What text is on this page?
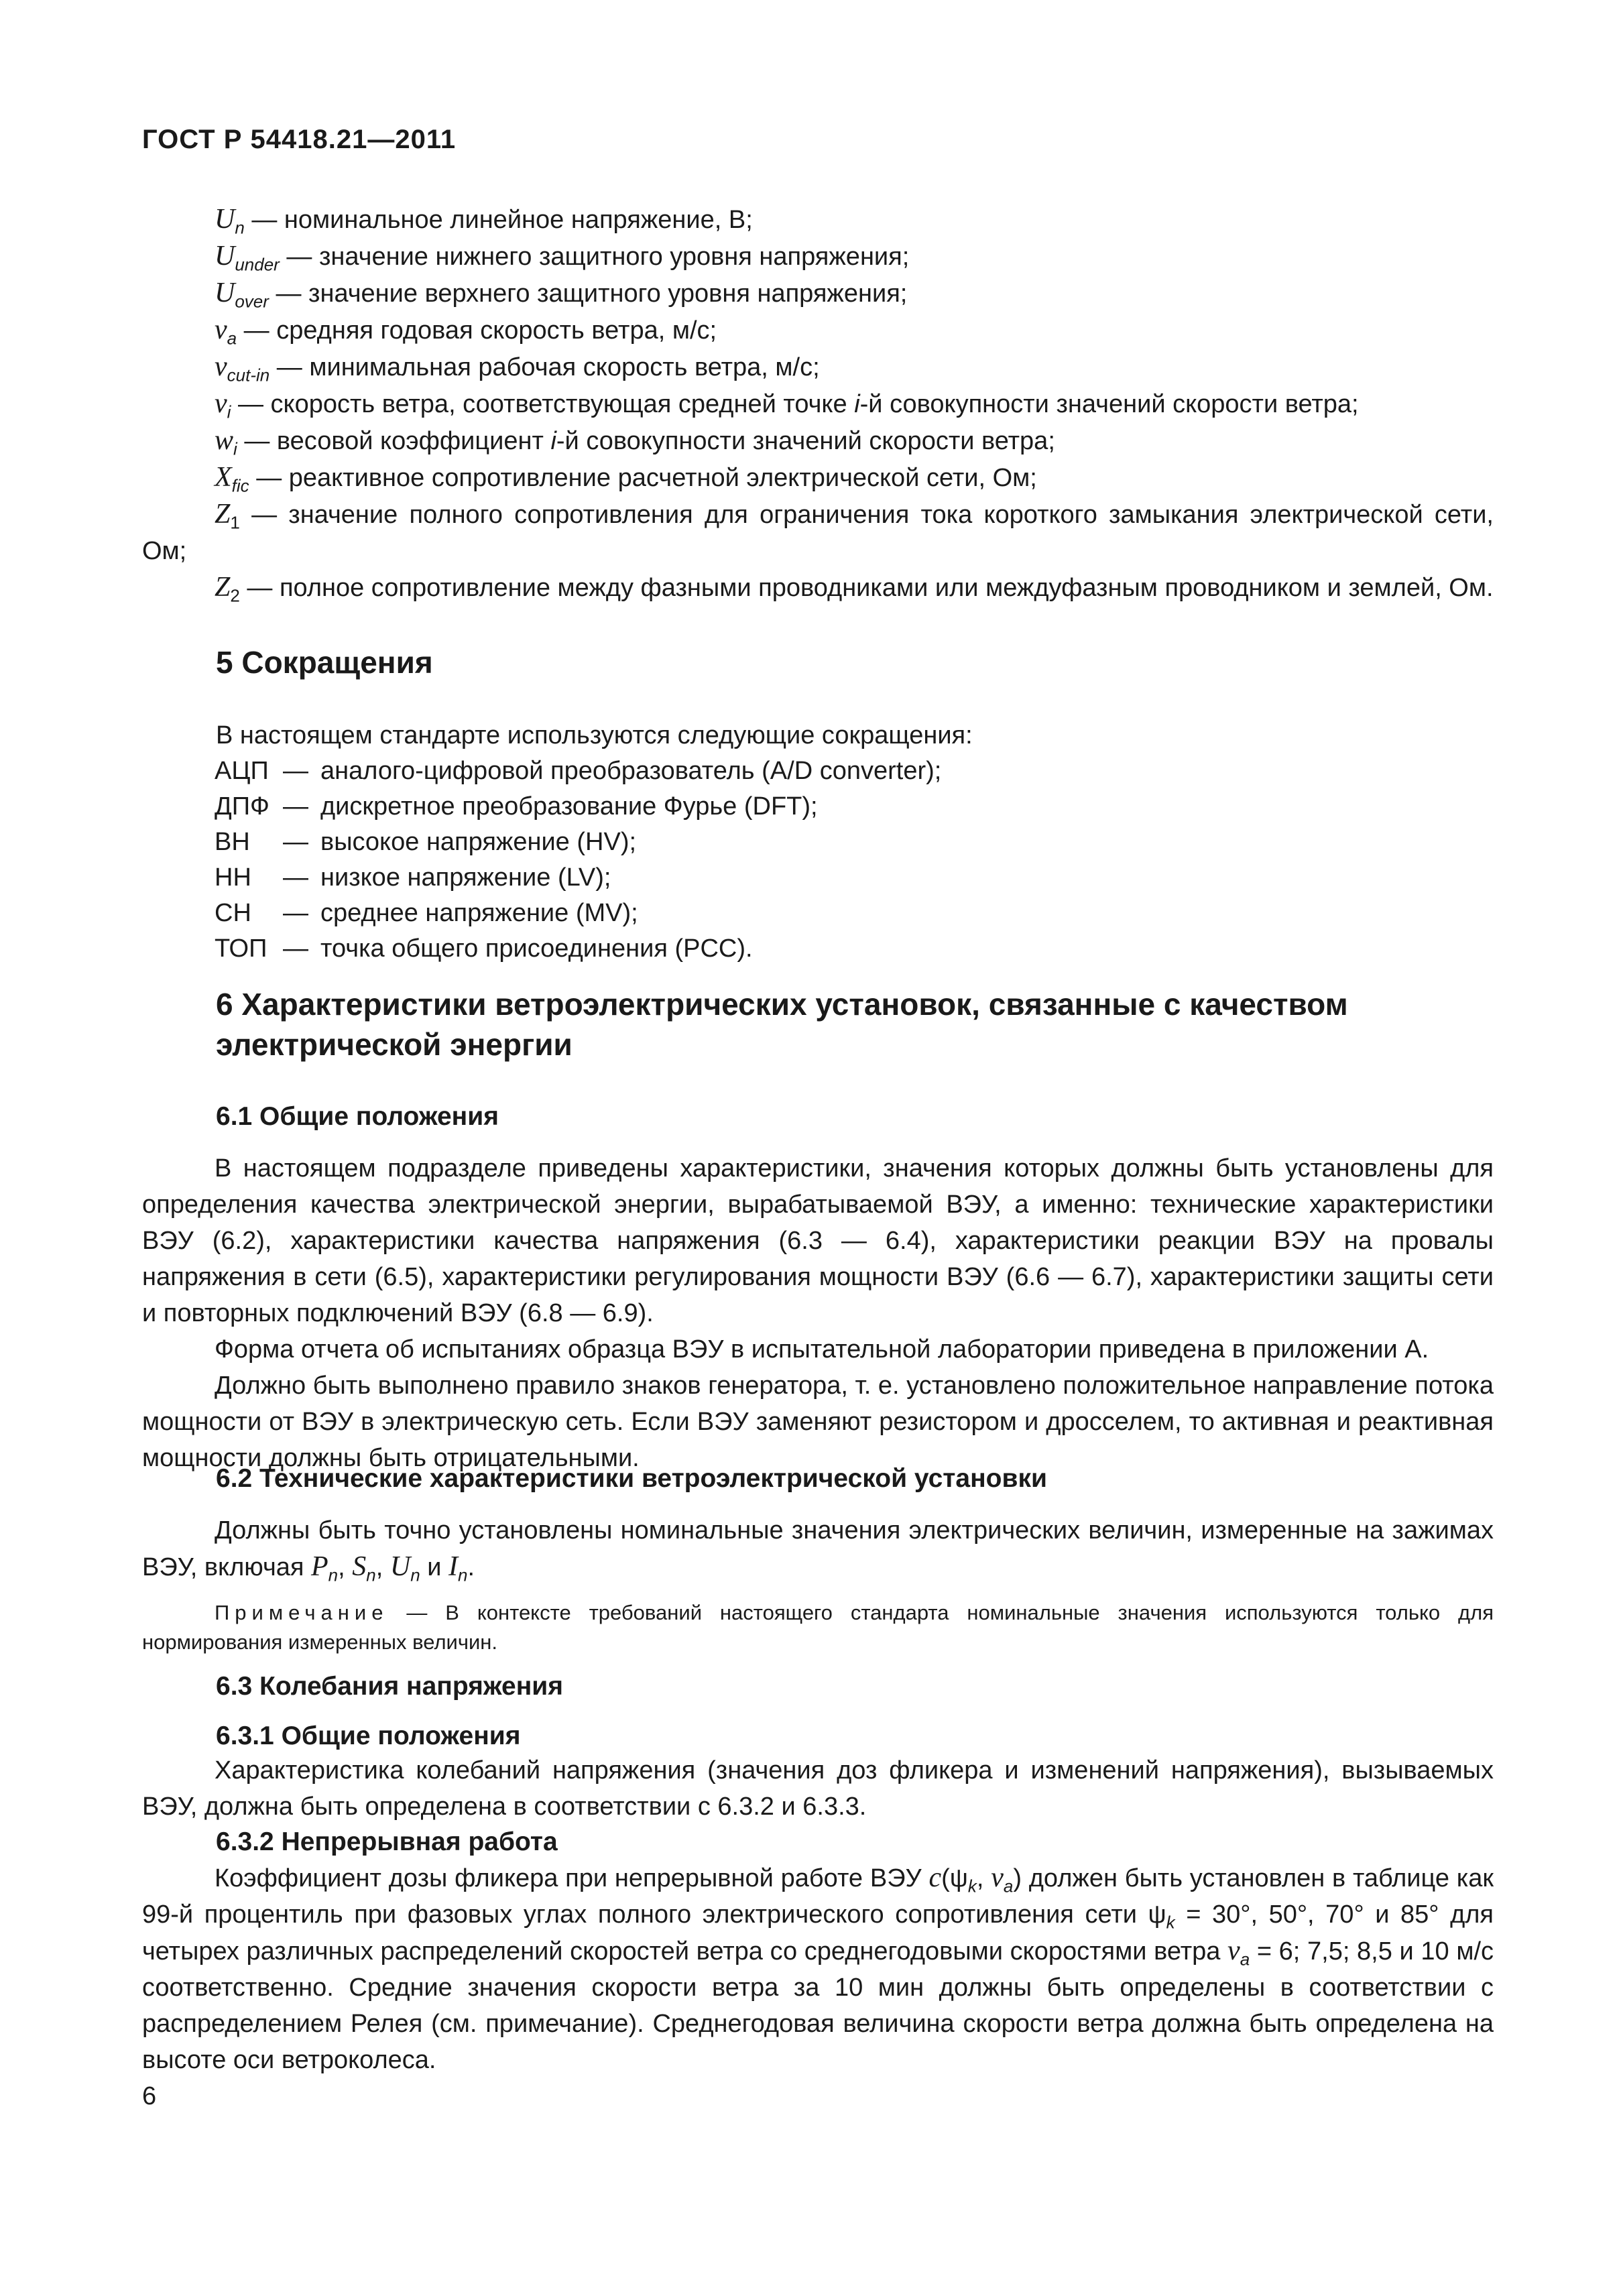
ГОСТ Р 54418.21—2011

$U_n$ — номинальное линейное напряжение, В;

$U_{under}$ — значение нижнего защитного уровня напряжения;

$U_{over}$ — значение верхнего защитного уровня напряжения;

$v_a$ — средняя годовая скорость ветра, м/с;

$v_{cut-in}$ — минимальная рабочая скорость ветра, м/с;

$v_i$ — скорость ветра, соответствующая средней точке i-й совокупности значений скорости ветра;

$w_i$ — весовой коэффициент i-й совокупности значений скорости ветра;

$X_{fic}$ — реактивное сопротивление расчетной электрической сети, Ом;

$Z_1$ — значение полного сопротивления для ограничения тока короткого замыкания электрической сети, Ом;

$Z_2$ — полное сопротивление между фазными проводниками или междуфазным проводником и землей, Ом.

5 Сокращения

В настоящем стандарте используются следующие сокращения:

АЦП — аналого-цифровой преобразователь (A/D converter);
ДПФ — дискретное преобразование Фурье (DFT);
ВН	— высокое напряжение (HV);
НН	— низкое напряжение (LV);
СН	— среднее напряжение (MV);
ТОП — точка общего присоединения (PCC).
6 Характеристики ветроэлектрических установок, связанные с качеством
электрической энергии
6.1 Общие положения

В настоящем подразделе приведены характеристики, значения которых должны быть установлены для определения качества электрической энергии, вырабатываемой ВЭУ, а именно: технические характеристики ВЭУ (6.2), характеристики качества напряжения (6.3 — 6.4), характеристики реакции ВЭУ на провалы напряжения в сети (6.5), характеристики регулирования мощности ВЭУ (6.6 — 6.7), характеристики защиты сети и повторных подключений ВЭУ (6.8 — 6.9).

Форма отчета об испытаниях образца ВЭУ в испытательной лаборатории приведена в приложении А.

Должно быть выполнено правило знаков генератора, т. е. установлено положительное направление потока мощности от ВЭУ в электрическую сеть. Если ВЭУ заменяют резистором и дросселем, то активная и реактивная мощности должны быть отрицательными.

6.2 Технические характеристики ветроэлектрической установки

Должны быть точно установлены номинальные значения электрических величин, измеренные на зажимах ВЭУ, включая $P_n$, $S_n$, $U_n$ и $I_n$.

Примечание — В контексте требований настоящего стандарта номинальные значения используются только для нормирования измеренных величин.
6.3 Колебания напряжения
6.3.1 Общие положения

Характеристика колебаний напряжения (значения доз фликера и изменений напряжения), вызываемых ВЭУ, должна быть определена в соответствии с 6.3.2 и 6.3.3.

6.3.2 Непрерывная работа

Коэффициент дозы фликера при непрерывной работе ВЭУ $c(\psi_k$, $v_a$) должен быть установлен в таблице как 99-й процентиль при фазовых углах полного электрического сопротивления сети $\psi_k = 30^\circ$, 50°, 70° и 85° для четырех различных распределений скоростей ветра со среднегодовыми скоростями ветра $v_a = 6$; 7,5; 8,5 и 10 м/с соответственно. Средние значения скорости ветра за 10 мин должны быть определены в соответствии с распределением Релея (см. примечание). Среднегодовая величина скорости ветра должна быть определена на высоте оси ветроколеса.

6
